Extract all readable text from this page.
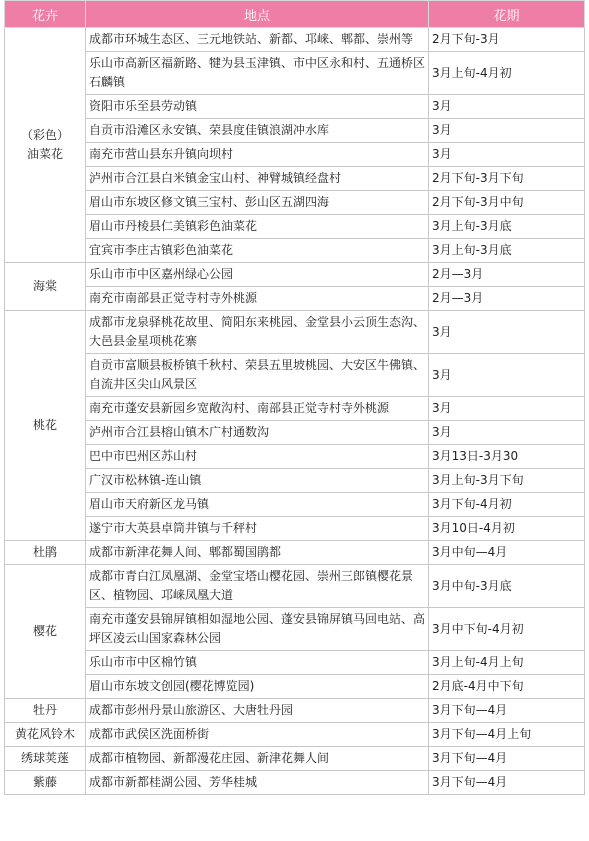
花卉	地点	花期
（彩色）
油菜花	成都市环城生态区、三元地铁站、新都、邛崃、郫都、崇州等	2月下旬-3月
	乐山市高新区福新路、犍为县玉津镇、市中区永和村、五通桥区石麟镇	3月上旬-4月初
	资阳市乐至县劳动镇	3月
	自贡市沿滩区永安镇、荣县度佳镇浪湖冲水库	3月
	南充市营山县东升镇向坝村	3月
	泸州市合江县白米镇金宝山村、神臂城镇经盘村	2月下旬-3月下旬
	眉山市东坡区修文镇三宝村、彭山区五湖四海	2月下旬-3月中旬
	眉山市丹棱县仁美镇彩色油菜花	3月上旬-3月底
	宜宾市李庄古镇彩色油菜花	3月上旬-3月底
海棠	乐山市市中区嘉州绿心公园	2月—3月
	南充市南部县正觉寺村寺外桃源	2月—3月
桃花	成都市龙泉驿桃花故里、简阳东来桃园、金堂县小云顶生态沟、大邑县金星项桃花寨	3月
	自贡市富顺县板桥镇千秋村、荣县五里坡桃园、大安区牛佛镇、自流井区尖山风景区	3月
	南充市蓬安县新园乡宽敞沟村、南部县正觉寺村寺外桃源	3月
	泸州市合江县榕山镇木广村通数沟	3月
	巴中市巴州区苏山村	3月13日-3月30
	广汉市松林镇-连山镇	3月上旬-3月下旬
	眉山市天府新区龙马镇	3月下旬-4月初
	遂宁市大英县卓筒井镇与千秤村	3月10日-4月初
杜鹃	成都市新津花舞人间、郫都蜀国鹃都	3月中旬—4月
樱花	成都市青白江凤凰湖、金堂宝塔山樱花园、崇州三郎镇樱花景区、植物园、邛崃凤凰大道	3月中旬-3月底
	南充市蓬安县锦屏镇相如湿地公园、蓬安县锦屏镇马回电站、高坪区凌云山国家森林公园	3月中下旬-4月初
	乐山市市中区棉竹镇	3月上旬-4月上旬
	眉山市东坡文创园(樱花博览园)	2月底-4月中下旬
牡丹	成都市彭州丹景山旅游区、大唐牡丹园	3月下旬—4月
黄花风铃木	成都市武侯区洗面桥街	3月下旬—4月上旬
绣球荚蒾	成都市植物园、新都漫花庄园、新津花舞人间	3月下旬—4月
紫藤	成都市新都桂湖公园、芳华桂城	3月下旬—4月
